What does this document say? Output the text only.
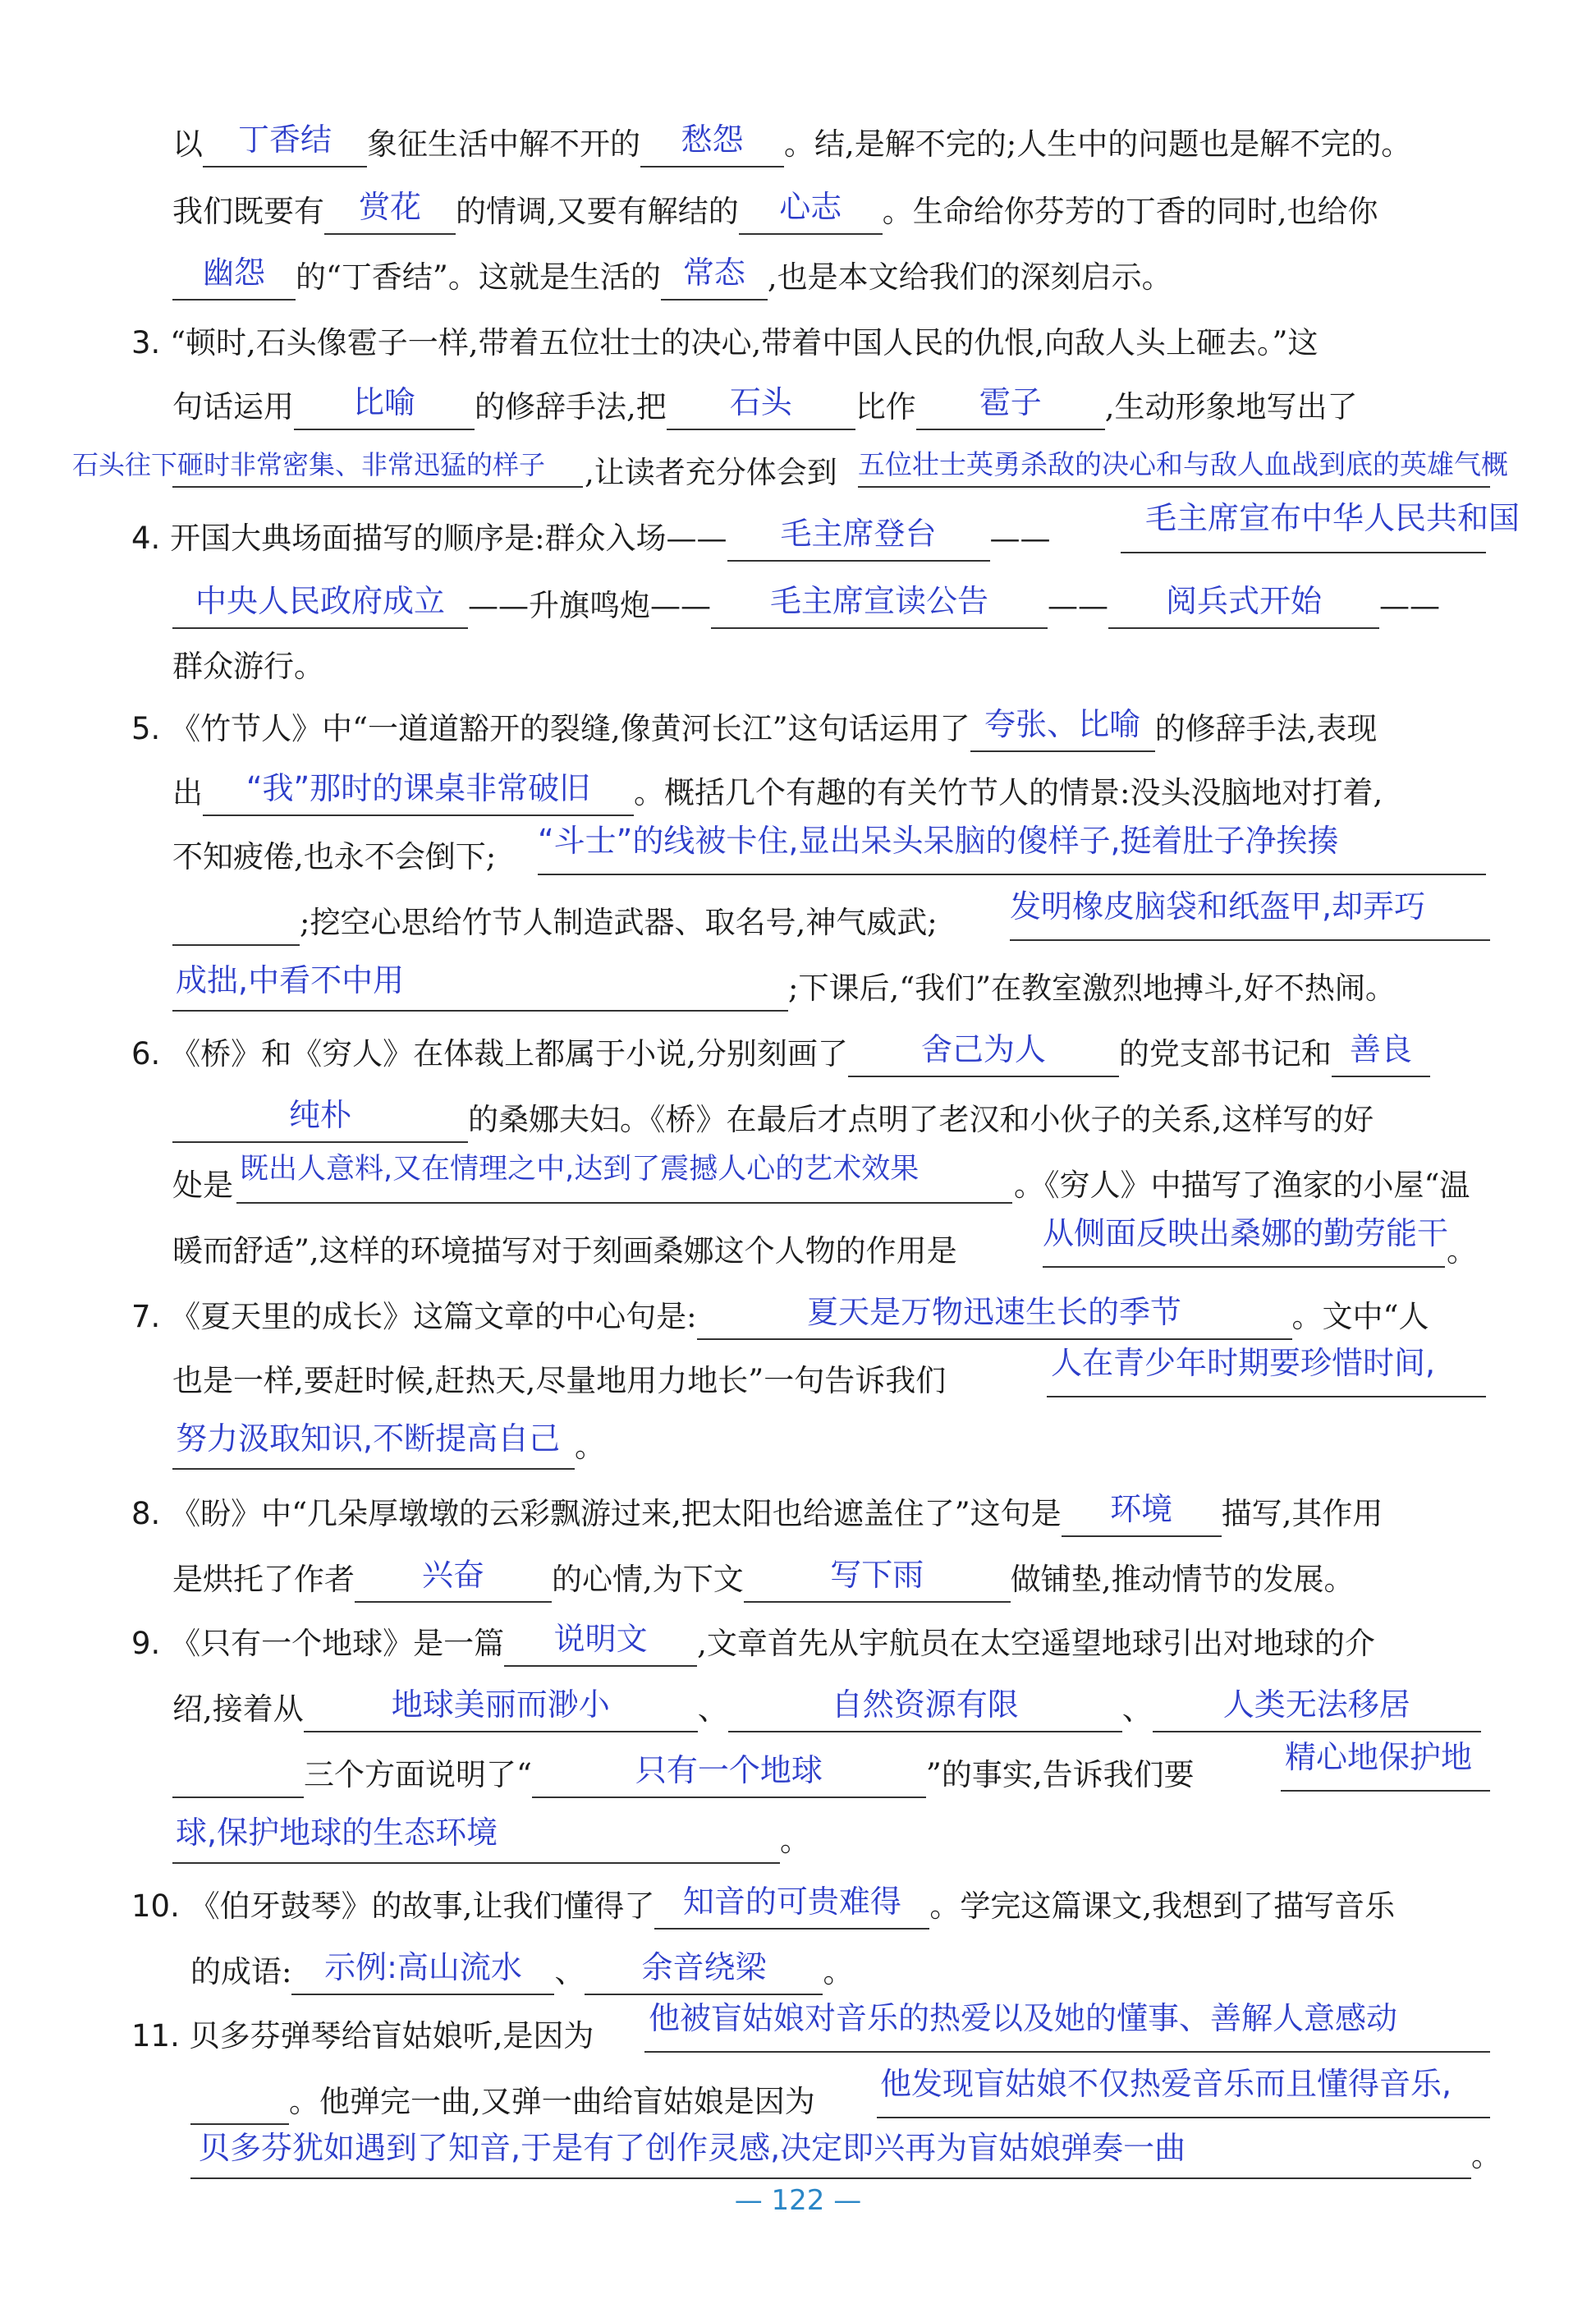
以 丁香结 象征生活中解不开的 愁怨 。结,是解不完的;人生中的问题也是解不完的。
我们既要有 赏花 的情调,又要有解结的 心志 。生命给你芬芳的丁香的同时,也给你
幽怨 的“丁香结”。这就是生活的 常态 ,也是本文给我们的深刻启示。
3. “顿时,石头像雹子一样,带着五位壮士的决心,带着中国人民的仇恨,向敌人头上砸去。”这
句话运用 比喻 的修辞手法,把 石头 比作 雹子 ,生动形象地写出了
石头往下砸时非常密集、非常迅猛的样子 ,让读者充分体会到 五位壮士英勇杀敌的决心和与敌人血战到底的英雄气概
4. 开国大典场面描写的顺序是:群众入场—— 毛主席登台 ——
毛主席宣布中华人民共和国
中央人民政府成立 ——升旗鸣炮—— 毛主席宣读公告 —— 阅兵式开始 ——
群众游行。
5. 《竹节人》中“一道道豁开的裂缝,像黄河长江”这句话运用了 夸张、比喻 的修辞手法,表现
出 “我”那时的课桌非常破旧 。概括几个有趣的有关竹节人的情景:没头没脑地对打着,
不知疲倦,也永不会倒下; “斗士”的线被卡住,显出呆头呆脑的傻样子,挺着肚子净挨揍
;挖空心思给竹节人制造武器、取名号,神气威武; 发明橡皮脑袋和纸盔甲,却弄巧
成拙,中看不中用	;下课后,“我们”在教室激烈地搏斗,好不热闹。
6. 《桥》和《穷人》在体裁上都属于小说,分别刻画了 舍己为人 的党支部书记和 善良
纯朴	的桑娜夫妇。《桥》在最后才点明了老汉和小伙子的关系,这样写的好
处是 既出人意料,又在情理之中,达到了震撼人心的艺术效果	。《穷人》中描写了渔家的小屋“温
暖而舒适”,这样的环境描写对于刻画桑娜这个人物的作用是	从侧面反映出桑娜的勤劳能干
。
7. 《夏天里的成长》这篇文章的中心句是:	夏天是万物迅速生长的季节	。文中“人
也是一样,要赶时候,赶热天,尽量地用力地长”一句告诉我们	人在青少年时期要珍惜时间,
努力汲取知识,不断提高自己 。
8. 《盼》中“几朵厚墩墩的云彩飘游过来,把太阳也给遮盖住了”这句是 环境 描写,其作用
是烘托了作者 兴奋 的心情,为下文	写下雨	做铺垫,推动情节的发展。
9. 《只有一个地球》是一篇 说明文 ,文章首先从宇航员在太空遥望地球引出对地球的介
绍,接着从	地球美丽而渺小	、	自然资源有限	、 人类无法移居
三个方面说明了“	只有一个地球	”的事实,告诉我们要	精心地保护地
球,保护地球的生态环境	。
10. 《伯牙鼓琴》的故事,让我们懂得了 知音的可贵难得 。学完这篇课文,我想到了描写音乐
的成语: 示例:高山流水 、 余音绕梁 。
11. 贝多芬弹琴给盲姑娘听,是因为 他被盲姑娘对音乐的热爱以及她的懂事、善解人意感动
。他弹完一曲,又弹一曲给盲姑娘是因为 他发现盲姑娘不仅热爱音乐而且懂得音乐,
贝多芬犹如遇到了知音,于是有了创作灵感,决定即兴再为盲姑娘弹奏一曲	。
— 122 —
